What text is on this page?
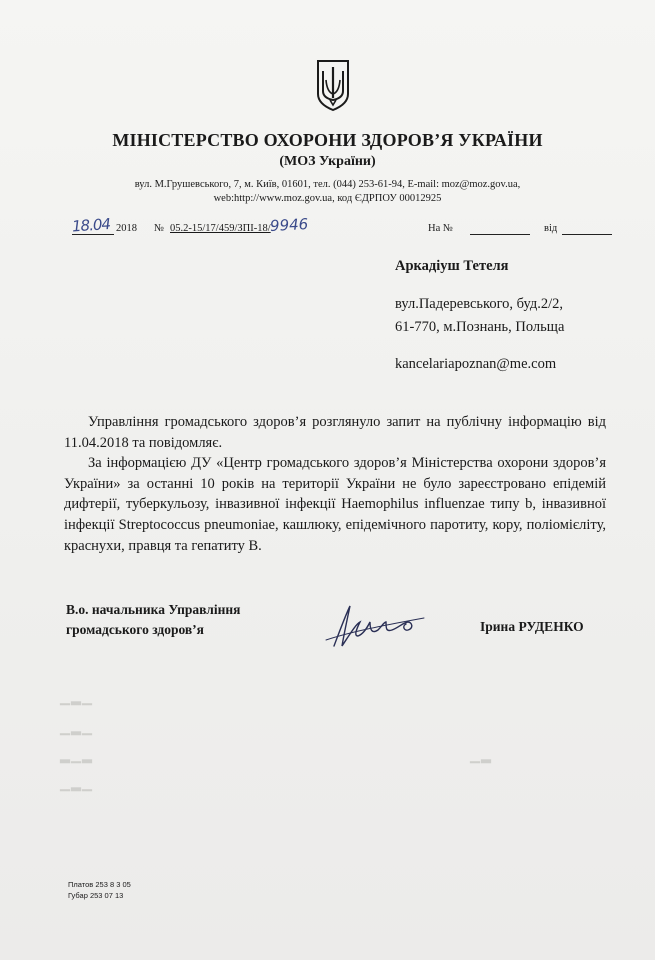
МІНІСТЕРСТВО ОХОРОНИ ЗДОРОВ’Я УКРАЇНИ
(МОЗ України)
вул. М.Грушевського, 7, м. Київ, 01601, тел. (044) 253-61-94, E-mail: moz@moz.gov.ua,
web:http://www.moz.gov.ua, код ЄДРПОУ 00012925
18.04 2018 № 05.2-15/17/459/ЗПІ-18/
9946	На №	від
Аркадіуш Тетеля
вул.Падеревського, буд.2/2,
61-770, м.Познань, Польща
kancelariapoznan@me.com

Управління громадського здоров’я розглянуло запит на публічну інформацію від 11.04.2018 та повідомляє.

За інформацією ДУ «Центр громадського здоров’я Міністерства охорони здоров’я України» за останні 10 років на території України не було зареєстровано епідемій дифтерії, туберкульозу, інвазивної інфекції Haemophilus influenzae типу b, інвазивної інфекції Streptococcus pneumoniae, кашлюку, епідемічного паротиту, кору, поліомієліту, краснухи, правця та гепатиту В.

В.о. начальника Управління
громадського здоров’я	Ірина РУДЕНКО
▁▂▁
▁▂▁
▂▁▂
▁▂▁
▁▂
Платов 253 8 3 05
Губар 253 07 13
